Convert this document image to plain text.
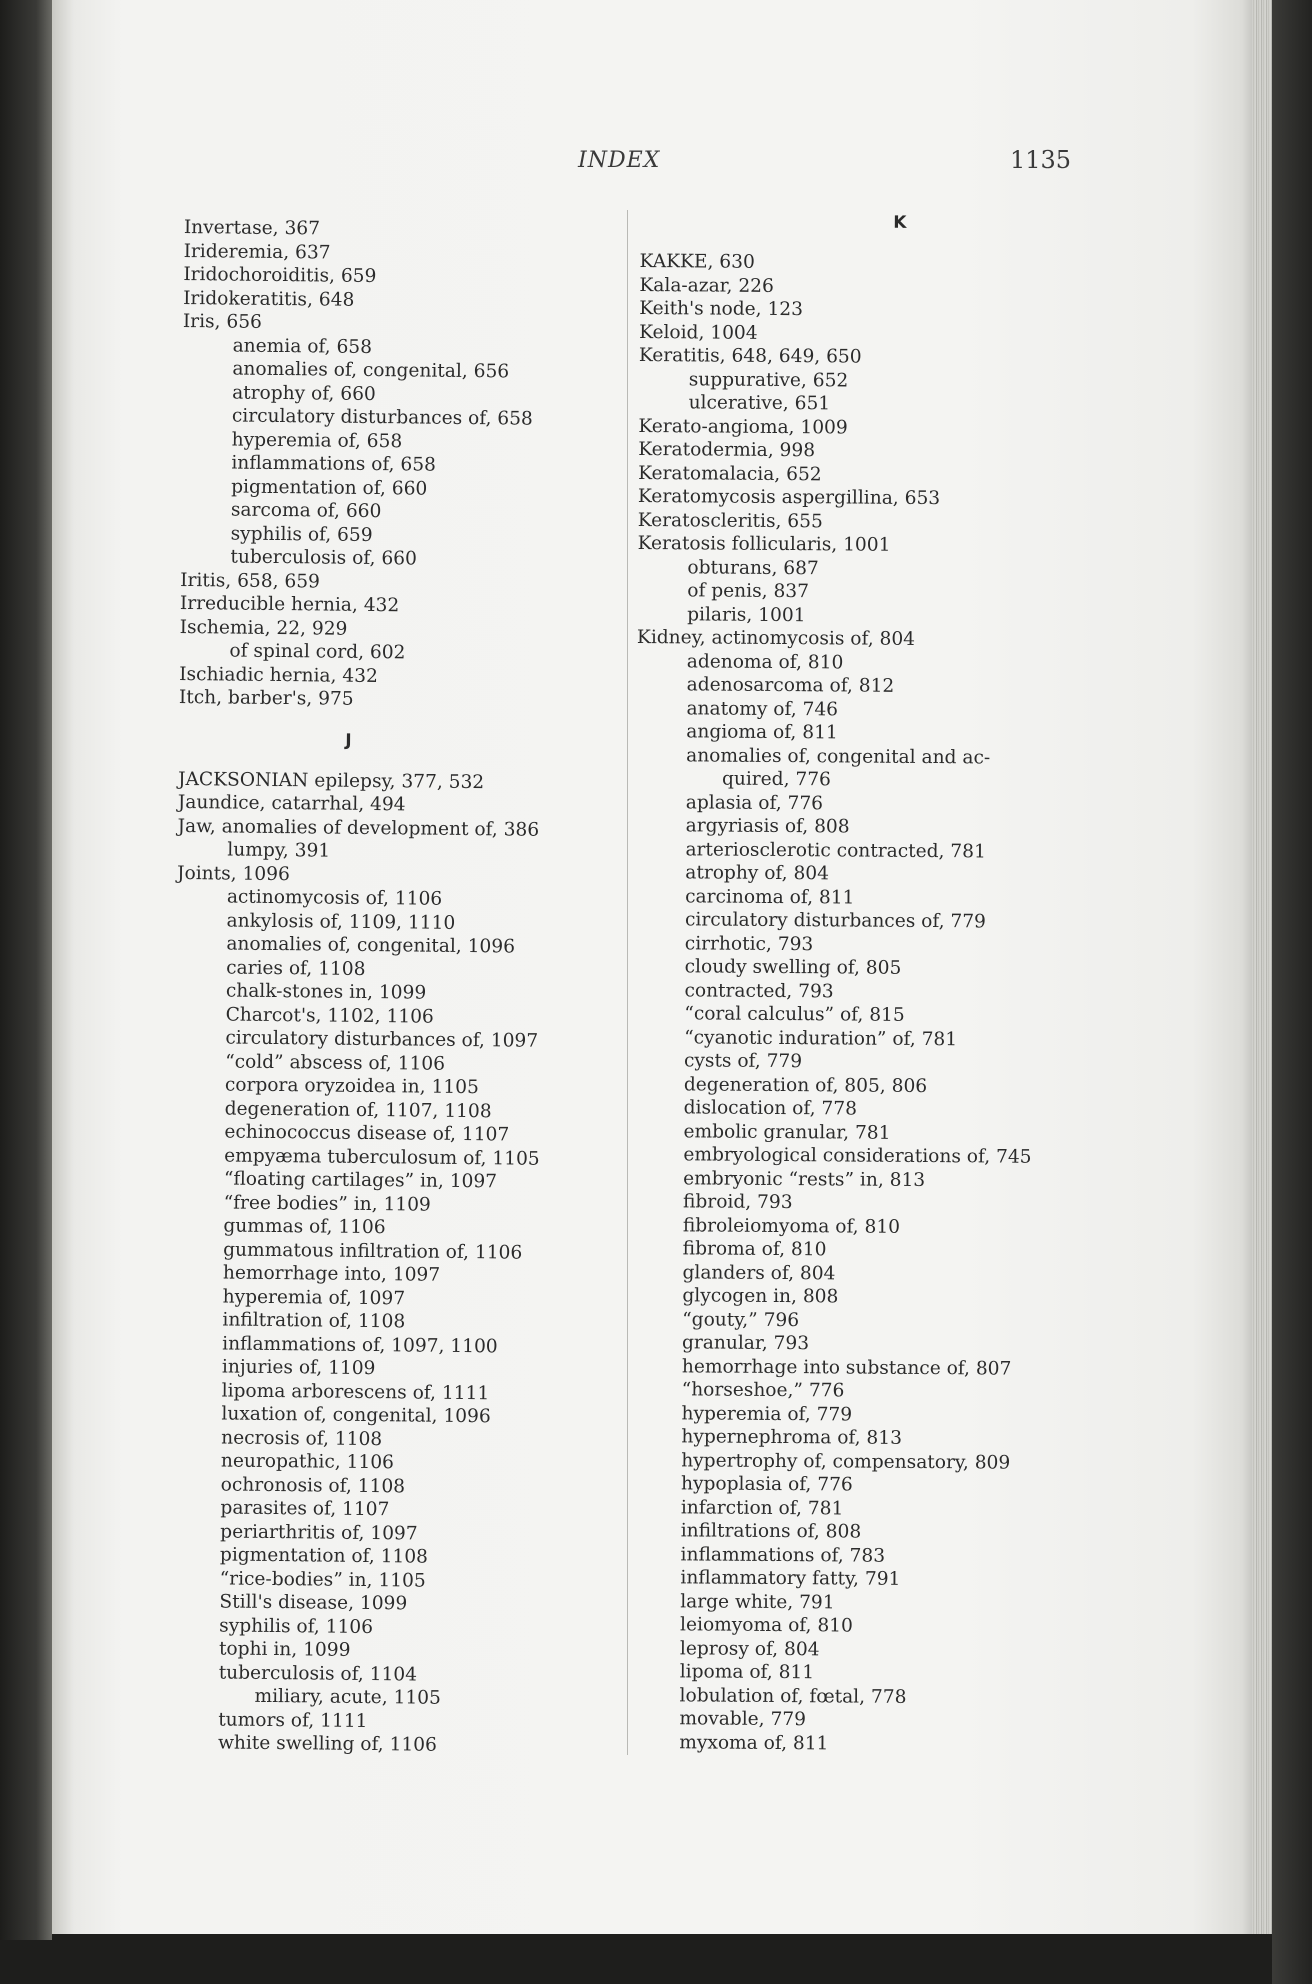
INDEX	1135
Invertase, 367
Irideremia, 637
Iridochoroiditis, 659
Iridokeratitis, 648
Iris, 656
anemia of, 658
anomalies of, congenital, 656
atrophy of, 660
circulatory disturbances of, 658
hyperemia of, 658
inflammations of, 658
pigmentation of, 660
sarcoma of, 660
syphilis of, 659
tuberculosis of, 660
Iritis, 658, 659
Irreducible hernia, 432
Ischemia, 22, 929
of spinal cord, 602
Ischiadic hernia, 432
Itch, barber's, 975
J
JACKSONIAN epilepsy, 377, 532
Jaundice, catarrhal, 494
Jaw, anomalies of development of, 386
lumpy, 391
Joints, 1096
actinomycosis of, 1106
ankylosis of, 1109, 1110
anomalies of, congenital, 1096
caries of, 1108
chalk-stones in, 1099
Charcot's, 1102, 1106
circulatory disturbances of, 1097
“cold” abscess of, 1106
corpora oryzoidea in, 1105
degeneration of, 1107, 1108
echinococcus disease of, 1107
empyæma tuberculosum of, 1105
“floating cartilages” in, 1097
“free bodies” in, 1109
gummas of, 1106
gummatous infiltration of, 1106
hemorrhage into, 1097
hyperemia of, 1097
infiltration of, 1108
inflammations of, 1097, 1100
injuries of, 1109
lipoma arborescens of, 1111
luxation of, congenital, 1096
necrosis of, 1108
neuropathic, 1106
ochronosis of, 1108
parasites of, 1107
periarthritis of, 1097
pigmentation of, 1108
“rice-bodies” in, 1105
Still's disease, 1099
syphilis of, 1106
tophi in, 1099
tuberculosis of, 1104
miliary, acute, 1105
tumors of, 1111
white swelling of, 1106
K
KAKKE, 630
Kala-azar, 226
Keith's node, 123
Keloid, 1004
Keratitis, 648, 649, 650
suppurative, 652
ulcerative, 651
Kerato-angioma, 1009
Keratodermia, 998
Keratomalacia, 652
Keratomycosis aspergillina, 653
Keratoscleritis, 655
Keratosis follicularis, 1001
obturans, 687
of penis, 837
pilaris, 1001
Kidney, actinomycosis of, 804
adenoma of, 810
adenosarcoma of, 812
anatomy of, 746
angioma of, 811
anomalies of, congenital and ac-
quired, 776
aplasia of, 776
argyriasis of, 808
arteriosclerotic contracted, 781
atrophy of, 804
carcinoma of, 811
circulatory disturbances of, 779
cirrhotic, 793
cloudy swelling of, 805
contracted, 793
“coral calculus” of, 815
“cyanotic induration” of, 781
cysts of, 779
degeneration of, 805, 806
dislocation of, 778
embolic granular, 781
embryological considerations of, 745
embryonic “rests” in, 813
fibroid, 793
fibroleiomyoma of, 810
fibroma of, 810
glanders of, 804
glycogen in, 808
“gouty,” 796
granular, 793
hemorrhage into substance of, 807
“horseshoe,” 776
hyperemia of, 779
hypernephroma of, 813
hypertrophy of, compensatory, 809
hypoplasia of, 776
infarction of, 781
infiltrations of, 808
inflammations of, 783
inflammatory fatty, 791
large white, 791
leiomyoma of, 810
leprosy of, 804
lipoma of, 811
lobulation of, fœtal, 778
movable, 779
myxoma of, 811
